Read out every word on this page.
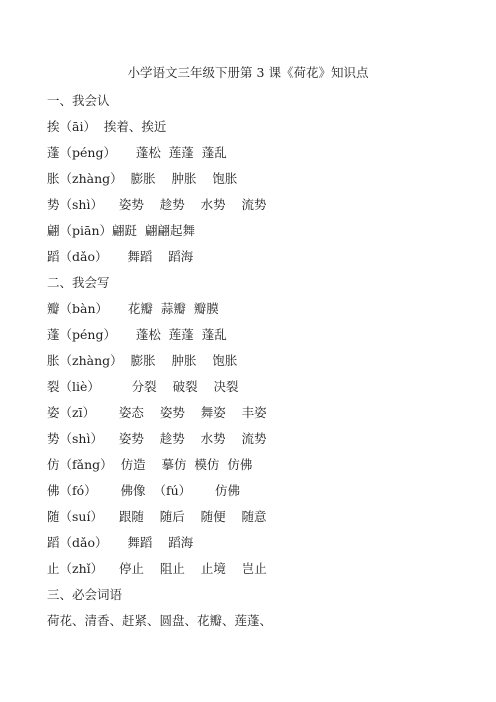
小学语文三年级下册第 3 课《荷花》知识点
一、我会认
挨（āi）  挨着、挨近
蓬（péng）     蓬松  莲蓬  蓬乱
胀（zhàng）  膨胀    肿胀    饱胀
势（shì）    姿势    趁势    水势    流势
翩（piān）翩跹  翩翩起舞
蹈（dǎo）     舞蹈    蹈海
二、我会写
瓣（bàn）     花瓣  蒜瓣  瓣膜
蓬（péng）     蓬松  莲蓬  蓬乱
胀（zhàng）  膨胀    肿胀    饱胀
裂（liè）        分裂    破裂    决裂
姿（zī）      姿态    姿势    舞姿    丰姿
势（shì）    姿势    趁势    水势    流势
仿（fǎng）  仿造    摹仿  模仿  仿佛
佛（fó）      佛像  （fú）      仿佛
随（suí）    跟随    随后    随便    随意
蹈（dǎo）     舞蹈    蹈海
止（zhǐ）    停止    阻止    止境    岂止
三、必会词语
荷花、清香、赶紧、圆盘、花瓣、莲蓬、
